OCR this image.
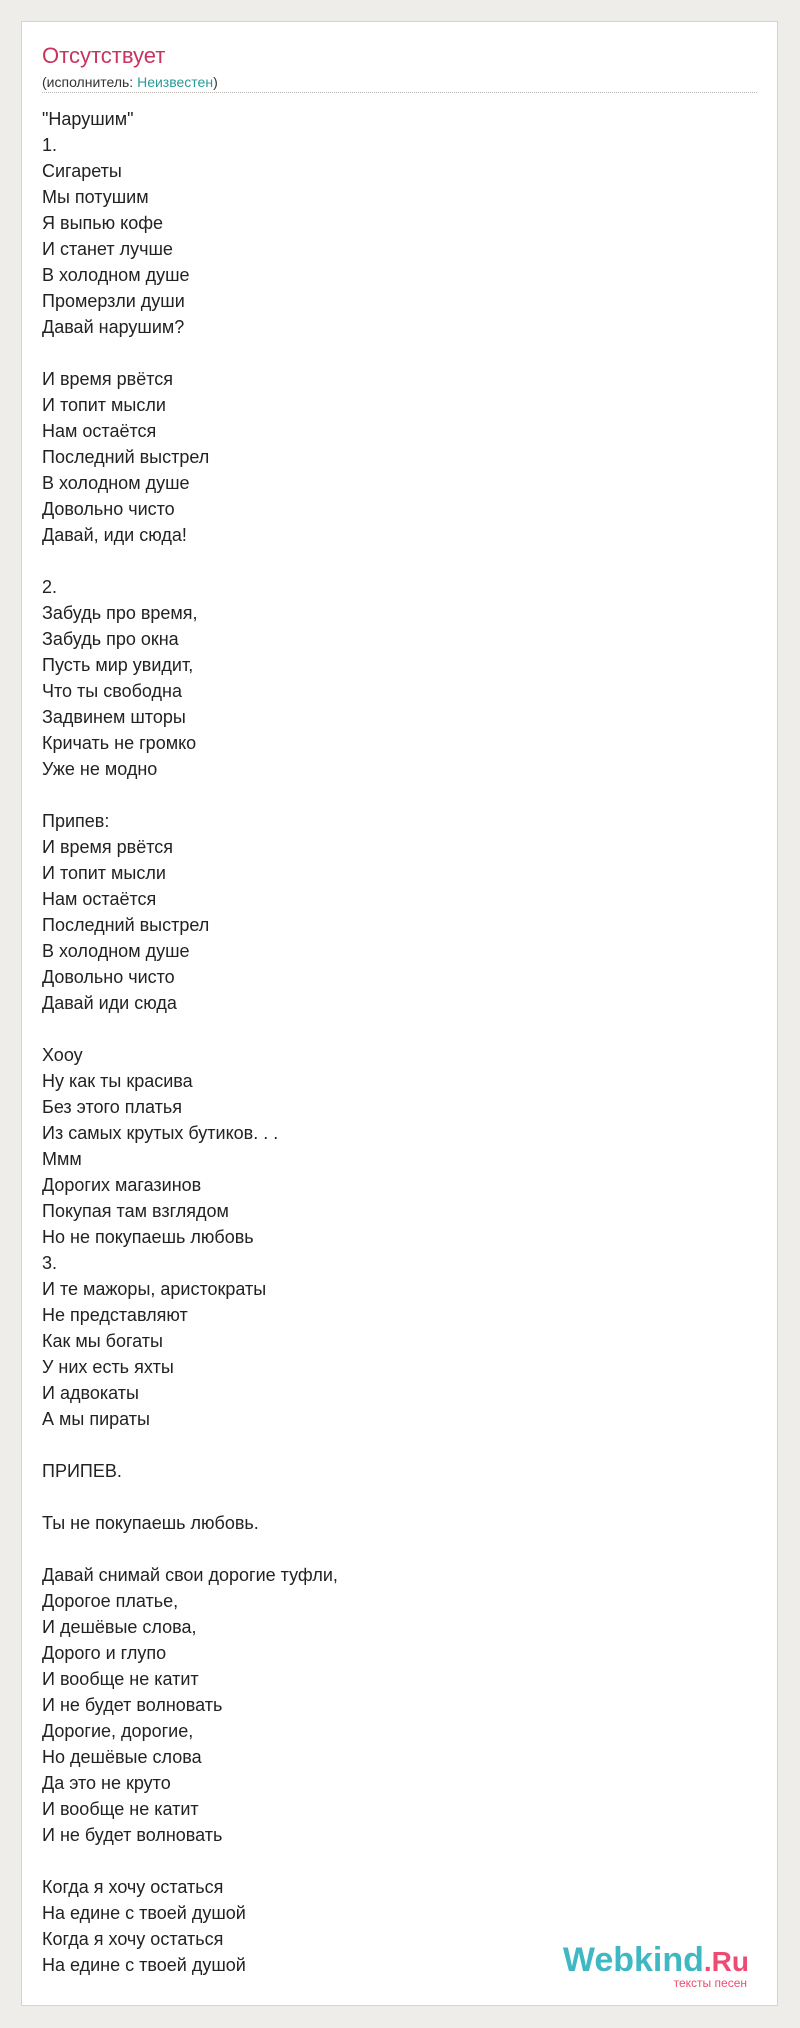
Отсутствует
(исполнитель: Неизвестен)
"Нарушим"
1.
Сигареты
Мы потушим
Я выпью кофе
И станет лучше
В холодном душе
Промерзли души
Давай нарушим?

И время рвётся
И топит мысли
Нам остаётся
Последний выстрел
В холодном душе
Довольно чисто
Давай, иди сюда!

2.
Забудь про время,
Забудь про окна
Пусть мир увидит,
Что ты свободна
Задвинем шторы
Кричать не громко
Уже не модно

Припев:
И время рвётся
И топит мысли
Нам остаётся
Последний выстрел
В холодном душе
Довольно чисто
Давай иди сюда

Хооу
Ну как ты красива
Без этого платья
Из самых крутых бутиков. . .
Ммм
Дорогих магазинов
Покупая там взглядом
Но не покупаешь любовь
3.
И те мажоры, аристократы
Не представляют
Как мы богаты
У них есть яхты
И адвокаты
А мы пираты

ПРИПЕВ.

Ты не покупаешь любовь.

Давай снимай свои дорогие туфли,
Дорогое платье,
И дешёвые слова,
Дорого и глупо
И вообще не катит
И не будет волновать
Дорогие, дорогие,
Но дешёвые слова
Да это не круто
И вообще не катит
И не будет волновать

Когда я хочу остаться
На едине с твоей душой
Когда я хочу остаться
На едине с твоей душой	Webkind.Ru
тексты песен
